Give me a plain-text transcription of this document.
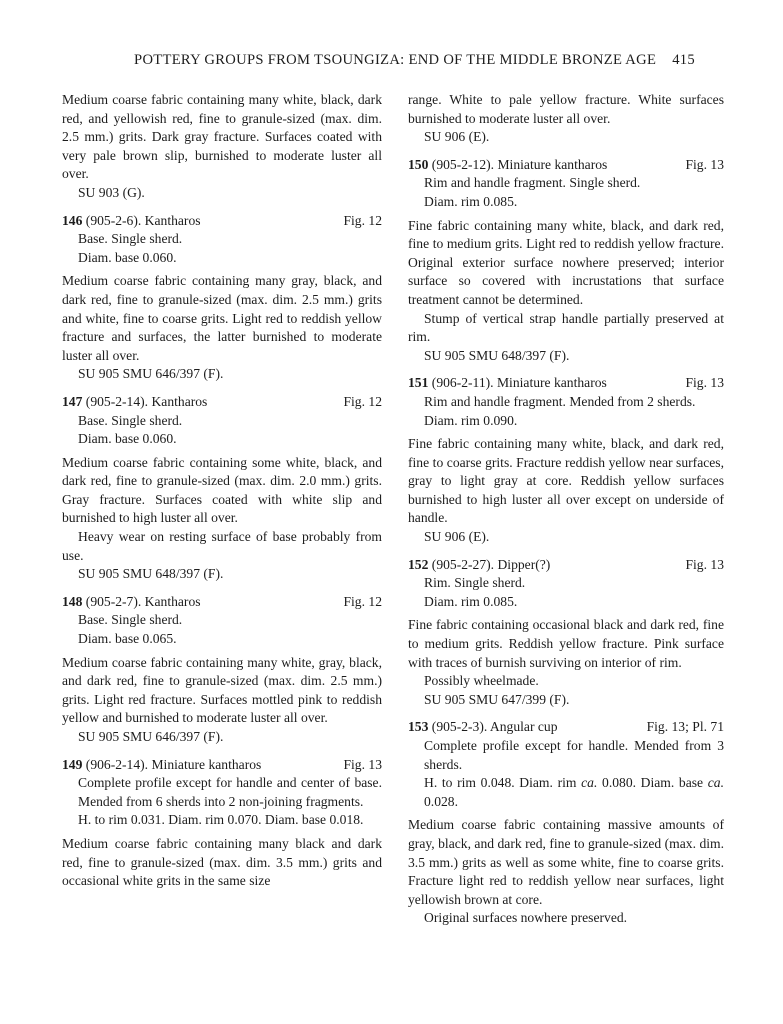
POTTERY GROUPS FROM TSOUNGIZA: END OF THE MIDDLE BRONZE AGE 415

Medium coarse fabric containing many white, black, dark red, and yellowish red, fine to granule-sized (max. dim. 2.5 mm.) grits. Dark gray fracture. Surfaces coated with very pale brown slip, burnished to moderate luster all over.

SU 903 (G).

146 (905-2-6). Kantharos	Fig. 12

Base. Single sherd.

Diam. base 0.060.

Medium coarse fabric containing many gray, black, and dark red, fine to granule-sized (max. dim. 2.5 mm.) grits and white, fine to coarse grits. Light red to reddish yellow fracture and surfaces, the latter burnished to moderate luster all over.

SU 905 SMU 646/397 (F).

147 (905-2-14). Kantharos	Fig. 12

Base. Single sherd.

Diam. base 0.060.

Medium coarse fabric containing some white, black, and dark red, fine to granule-sized (max. dim. 2.0 mm.) grits. Gray fracture. Surfaces coated with white slip and burnished to high luster all over.

Heavy wear on resting surface of base probably from use.

SU 905 SMU 648/397 (F).

148 (905-2-7). Kantharos	Fig. 12

Base. Single sherd.

Diam. base 0.065.

Medium coarse fabric containing many white, gray, black, and dark red, fine to granule-sized (max. dim. 2.5 mm.) grits. Light red fracture. Surfaces mottled pink to reddish yellow and burnished to moderate luster all over.

SU 905 SMU 646/397 (F).

149 (906-2-14). Miniature kantharos	Fig. 13

Complete profile except for handle and center of base. Mended from 6 sherds into 2 non-joining fragments.

H. to rim 0.031. Diam. rim 0.070. Diam. base 0.018.

Medium coarse fabric containing many black and dark red, fine to granule-sized (max. dim. 3.5 mm.) grits and occasional white grits in the same size

range. White to pale yellow fracture. White surfaces burnished to moderate luster all over.

SU 906 (E).

150 (905-2-12). Miniature kantharos	Fig. 13

Rim and handle fragment. Single sherd.

Diam. rim 0.085.

Fine fabric containing many white, black, and dark red, fine to medium grits. Light red to reddish yellow fracture. Original exterior surface nowhere preserved; interior surface so covered with incrustations that surface treatment cannot be determined.

Stump of vertical strap handle partially preserved at rim.

SU 905 SMU 648/397 (F).

151 (906-2-11). Miniature kantharos	Fig. 13

Rim and handle fragment. Mended from 2 sherds.

Diam. rim 0.090.

Fine fabric containing many white, black, and dark red, fine to coarse grits. Fracture reddish yellow near surfaces, gray to light gray at core. Reddish yellow surfaces burnished to high luster all over except on underside of handle.

SU 906 (E).

152 (905-2-27). Dipper(?)	Fig. 13

Rim. Single sherd.

Diam. rim 0.085.

Fine fabric containing occasional black and dark red, fine to medium grits. Reddish yellow fracture. Pink surface with traces of burnish surviving on interior of rim.

Possibly wheelmade.

SU 905 SMU 647/399 (F).

153 (905-2-3). Angular cup	Fig. 13; Pl. 71

Complete profile except for handle. Mended from 3 sherds.

H. to rim 0.048. Diam. rim ca. 0.080. Diam. base ca. 0.028.

Medium coarse fabric containing massive amounts of gray, black, and dark red, fine to granule-sized (max. dim. 3.5 mm.) grits as well as some white, fine to coarse grits. Fracture light red to reddish yellow near surfaces, light yellowish brown at core.

Original surfaces nowhere preserved.
